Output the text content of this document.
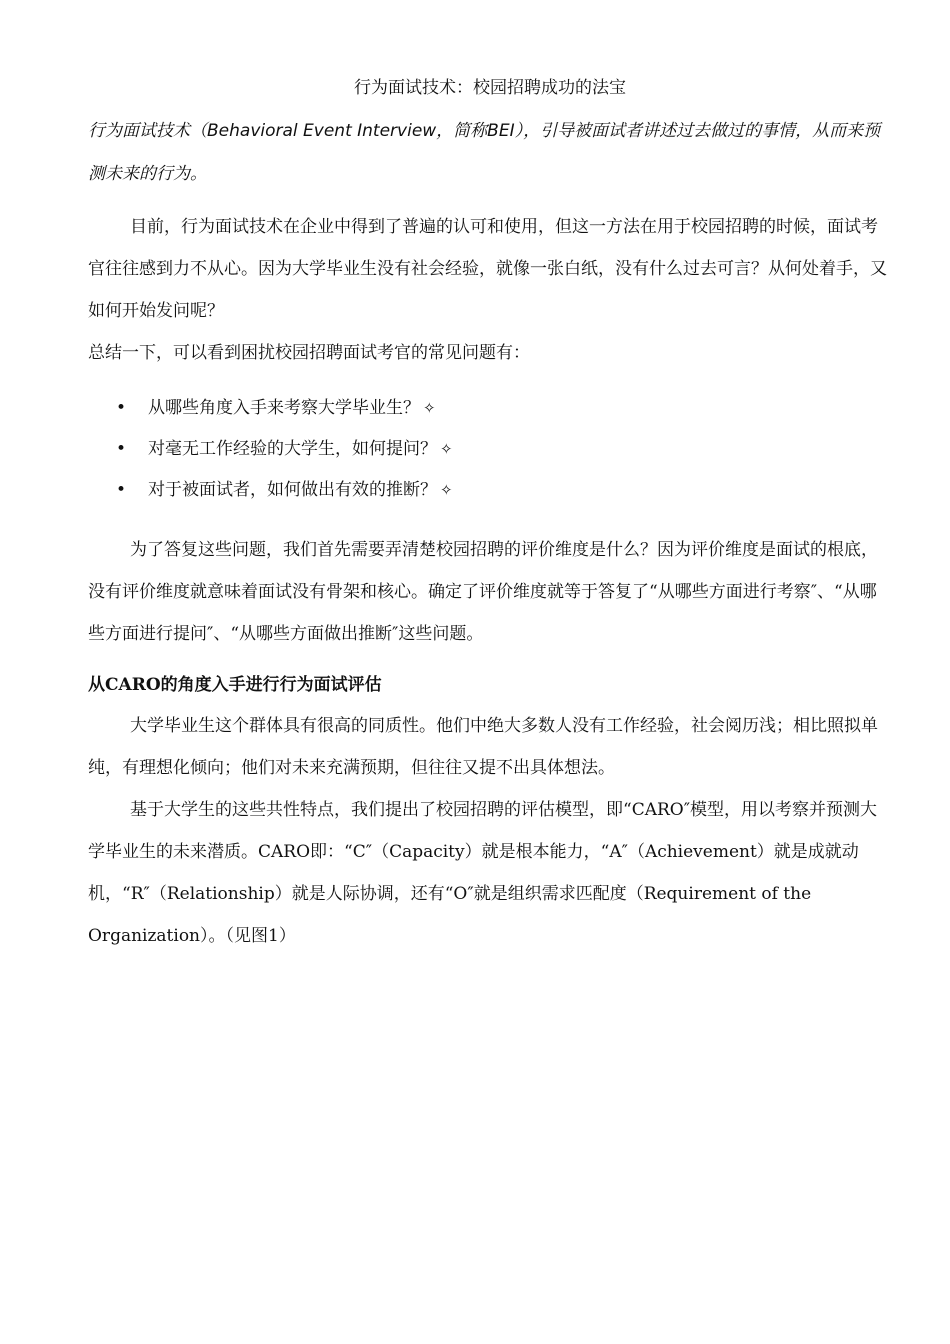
行为面试技术：校园招聘成功的法宝

行为面试技术（Behavioral Event Interview，简称BEI），引导被面试者讲述过去做过的事情，从而来预测未来的行为。

目前，行为面试技术在企业中得到了普遍的认可和使用，但这一方法在用于校园招聘的时候，面试考官往往感到力不从心。因为大学毕业生没有社会经验，就像一张白纸，没有什么过去可言？从何处着手，又如何开始发问呢？

总结一下，可以看到困扰校园招聘面试考官的常见问题有：

• 从哪些角度入手来考察大学毕业生？ ✧
• 对毫无工作经验的大学生，如何提问？ ✧
• 对于被面试者，如何做出有效的推断？ ✧

为了答复这些问题，我们首先需要弄清楚校园招聘的评价维度是什么？因为评价维度是面试的根底，没有评价维度就意味着面试没有骨架和核心。确定了评价维度就等于答复了“从哪些方面进行考察″、“从哪些方面进行提问″、“从哪些方面做出推断″这些问题。

从CARO的角度入手进行行为面试评估

大学毕业生这个群体具有很高的同质性。他们中绝大多数人没有工作经验，社会阅历浅；相比照拟单纯，有理想化倾向；他们对未来充满预期，但往往又提不出具体想法。

基于大学生的这些共性特点，我们提出了校园招聘的评估模型，即“CARO″模型，用以考察并预测大学毕业生的未来潜质。CARO即：“C″（Capacity）就是根本能力，“A″（Achievement）就是成就动机，“R″（Relationship）就是人际协调，还有“O″就是组织需求匹配度（Requirement of the Organization）。（见图1）
